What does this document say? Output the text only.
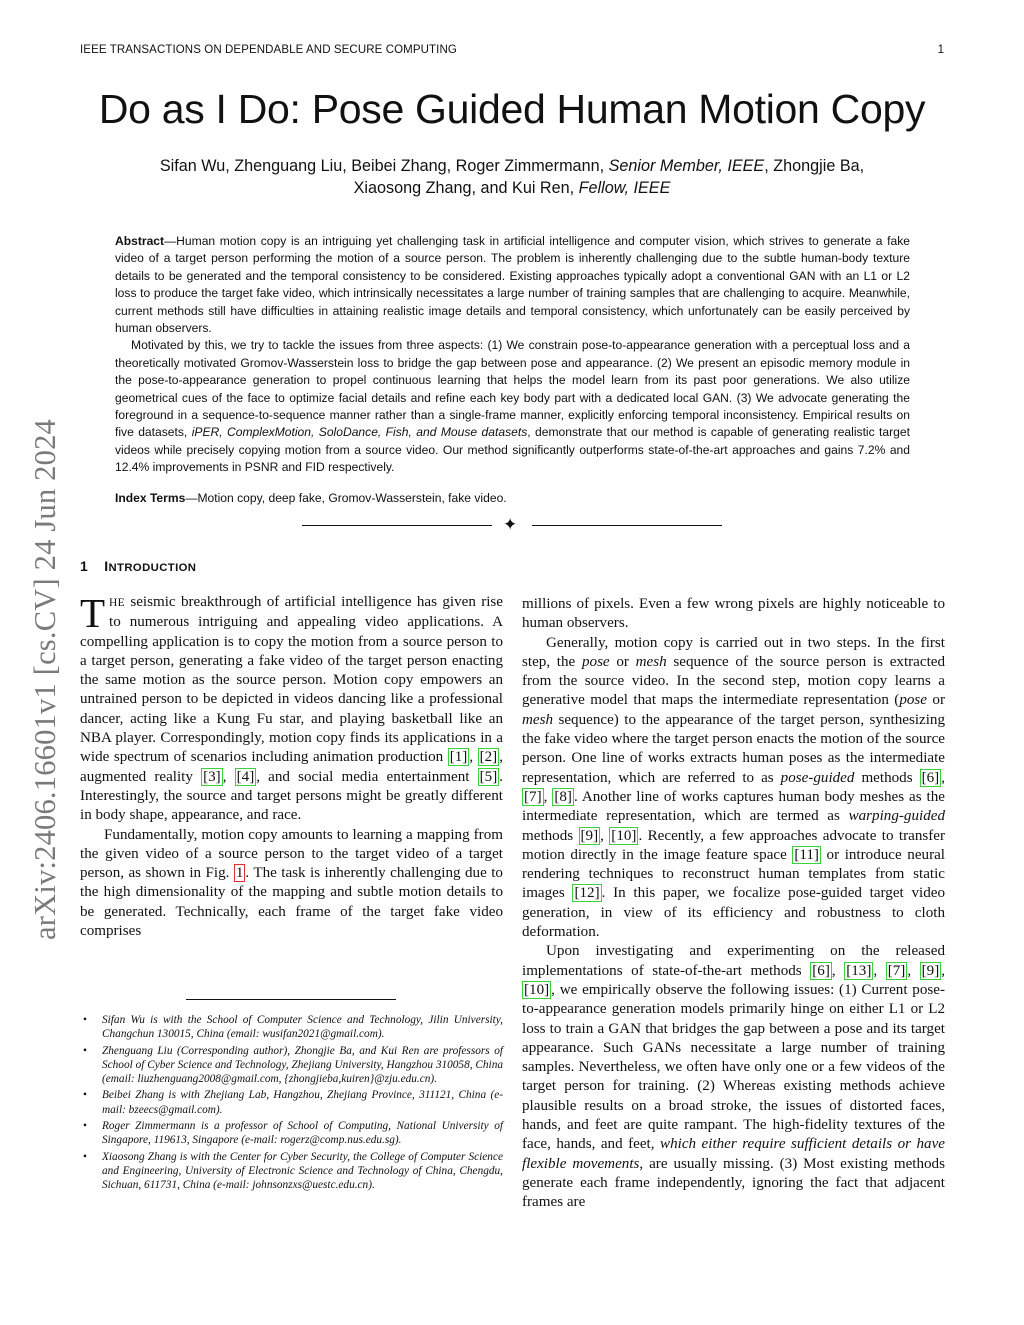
IEEE TRANSACTIONS ON DEPENDABLE AND SECURE COMPUTING	1
arXiv:2406.16601v1 [cs.CV] 24 Jun 2024
Do as I Do: Pose Guided Human Motion Copy
Sifan Wu, Zhenguang Liu, Beibei Zhang, Roger Zimmermann, Senior Member, IEEE, Zhongjie Ba,
Xiaosong Zhang, and Kui Ren, Fellow, IEEE

Abstract—Human motion copy is an intriguing yet challenging task in artificial intelligence and computer vision, which strives to generate a fake video of a target person performing the motion of a source person. The problem is inherently challenging due to the subtle human-body texture details to be generated and the temporal consistency to be considered. Existing approaches typically adopt a conventional GAN with an L1 or L2 loss to produce the target fake video, which intrinsically necessitates a large number of training samples that are challenging to acquire. Meanwhile, current methods still have difficulties in attaining realistic image details and temporal consistency, which unfortunately can be easily perceived by human observers.

Motivated by this, we try to tackle the issues from three aspects: (1) We constrain pose-to-appearance generation with a perceptual loss and a theoretically motivated Gromov-Wasserstein loss to bridge the gap between pose and appearance. (2) We present an episodic memory module in the pose-to-appearance generation to propel continuous learning that helps the model learn from its past poor generations. We also utilize geometrical cues of the face to optimize facial details and refine each key body part with a dedicated local GAN. (3) We advocate generating the foreground in a sequence-to-sequence manner rather than a single-frame manner, explicitly enforcing temporal inconsistency. Empirical results on five datasets, iPER, ComplexMotion, SoloDance, Fish, and Mouse datasets, demonstrate that our method is capable of generating realistic target videos while precisely copying motion from a source video. Our method significantly outperforms state-of-the-art approaches and gains 7.2% and 12.4% improvements in PSNR and FID respectively.

Index Terms—Motion copy, deep fake, Gromov-Wasserstein, fake video.
✦
1 INTRODUCTION

THE seismic breakthrough of artificial intelligence has given rise to numerous intriguing and appealing video applications. A compelling application is to copy the motion from a source person to a target person, generating a fake video of the target person enacting the same motion as the source person. Motion copy empowers an untrained person to be depicted in videos dancing like a professional dancer, acting like a Kung Fu star, and playing basketball like an NBA player. Correspondingly, motion copy finds its applications in a wide spectrum of scenarios including animation production [1] , [2] , augmented reality [3] , [4] , and social media entertainment [5] . Interestingly, the source and target persons might be greatly different in body shape, appearance, and race.

Fundamentally, motion copy amounts to learning a mapping from the given video of a source person to the target video of a target person, as shown in Fig. 1 . The task is inherently challenging due to the high dimensionality of the mapping and subtle motion details to be generated. Technically, each frame of the target fake video comprises

millions of pixels. Even a few wrong pixels are highly noticeable to human observers.

Generally, motion copy is carried out in two steps. In the first step, the pose or mesh sequence of the source person is extracted from the source video. In the second step, motion copy learns a generative model that maps the intermediate representation (pose or mesh sequence) to the appearance of the target person, synthesizing the fake video where the target person enacts the motion of the source person. One line of works extracts human poses as the intermediate representation, which are referred to as pose-guided methods [6] , [7] , [8] . Another line of works captures human body meshes as the intermediate representation, which are termed as warping-guided methods [9] , [10] . Recently, a few approaches advocate to transfer motion directly in the image feature space [11] or introduce neural rendering techniques to reconstruct human templates from static images [12] . In this paper, we focalize pose-guided target video generation, in view of its efficiency and robustness to cloth deformation.

Upon investigating and experimenting on the released implementations of state-of-the-art methods [6] , [13] , [7] , [9] , [10] , we empirically observe the following issues: (1) Current pose-to-appearance generation models primarily hinge on either L1 or L2 loss to train a GAN that bridges the gap between a pose and its target appearance. Such GANs necessitate a large number of training samples. Nevertheless, we often have only one or a few videos of the target person for training. (2) Whereas existing methods achieve plausible results on a broad stroke, the issues of distorted faces, hands, and feet are quite rampant. The high-fidelity textures of the face, hands, and feet, which either require sufficient details or have flexible movements, are usually missing. (3) Most existing methods generate each frame independently, ignoring the fact that adjacent frames are

• Sifan Wu is with the School of Computer Science and Technology, Jilin University, Changchun 130015, China (email: wusifan2021@gmail.com).
• Zhenguang Liu (Corresponding author), Zhongjie Ba, and Kui Ren are professors of School of Cyber Science and Technology, Zhejiang University, Hangzhou 310058, China (email: liuzhenguang2008@gmail.com, {zhongjieba,kuiren}@zju.edu.cn).
• Beibei Zhang is with Zhejiang Lab, Hangzhou, Zhejiang Province, 311121, China (e-mail: bzeecs@gmail.com).
• Roger Zimmermann is a professor of School of Computing, National University of Singapore, 119613, Singapore (e-mail: rogerz@comp.nus.edu.sg).
• Xiaosong Zhang is with the Center for Cyber Security, the College of Computer Science and Engineering, University of Electronic Science and Technology of China, Chengdu, Sichuan, 611731, China (e-mail: johnsonzxs@uestc.edu.cn).
